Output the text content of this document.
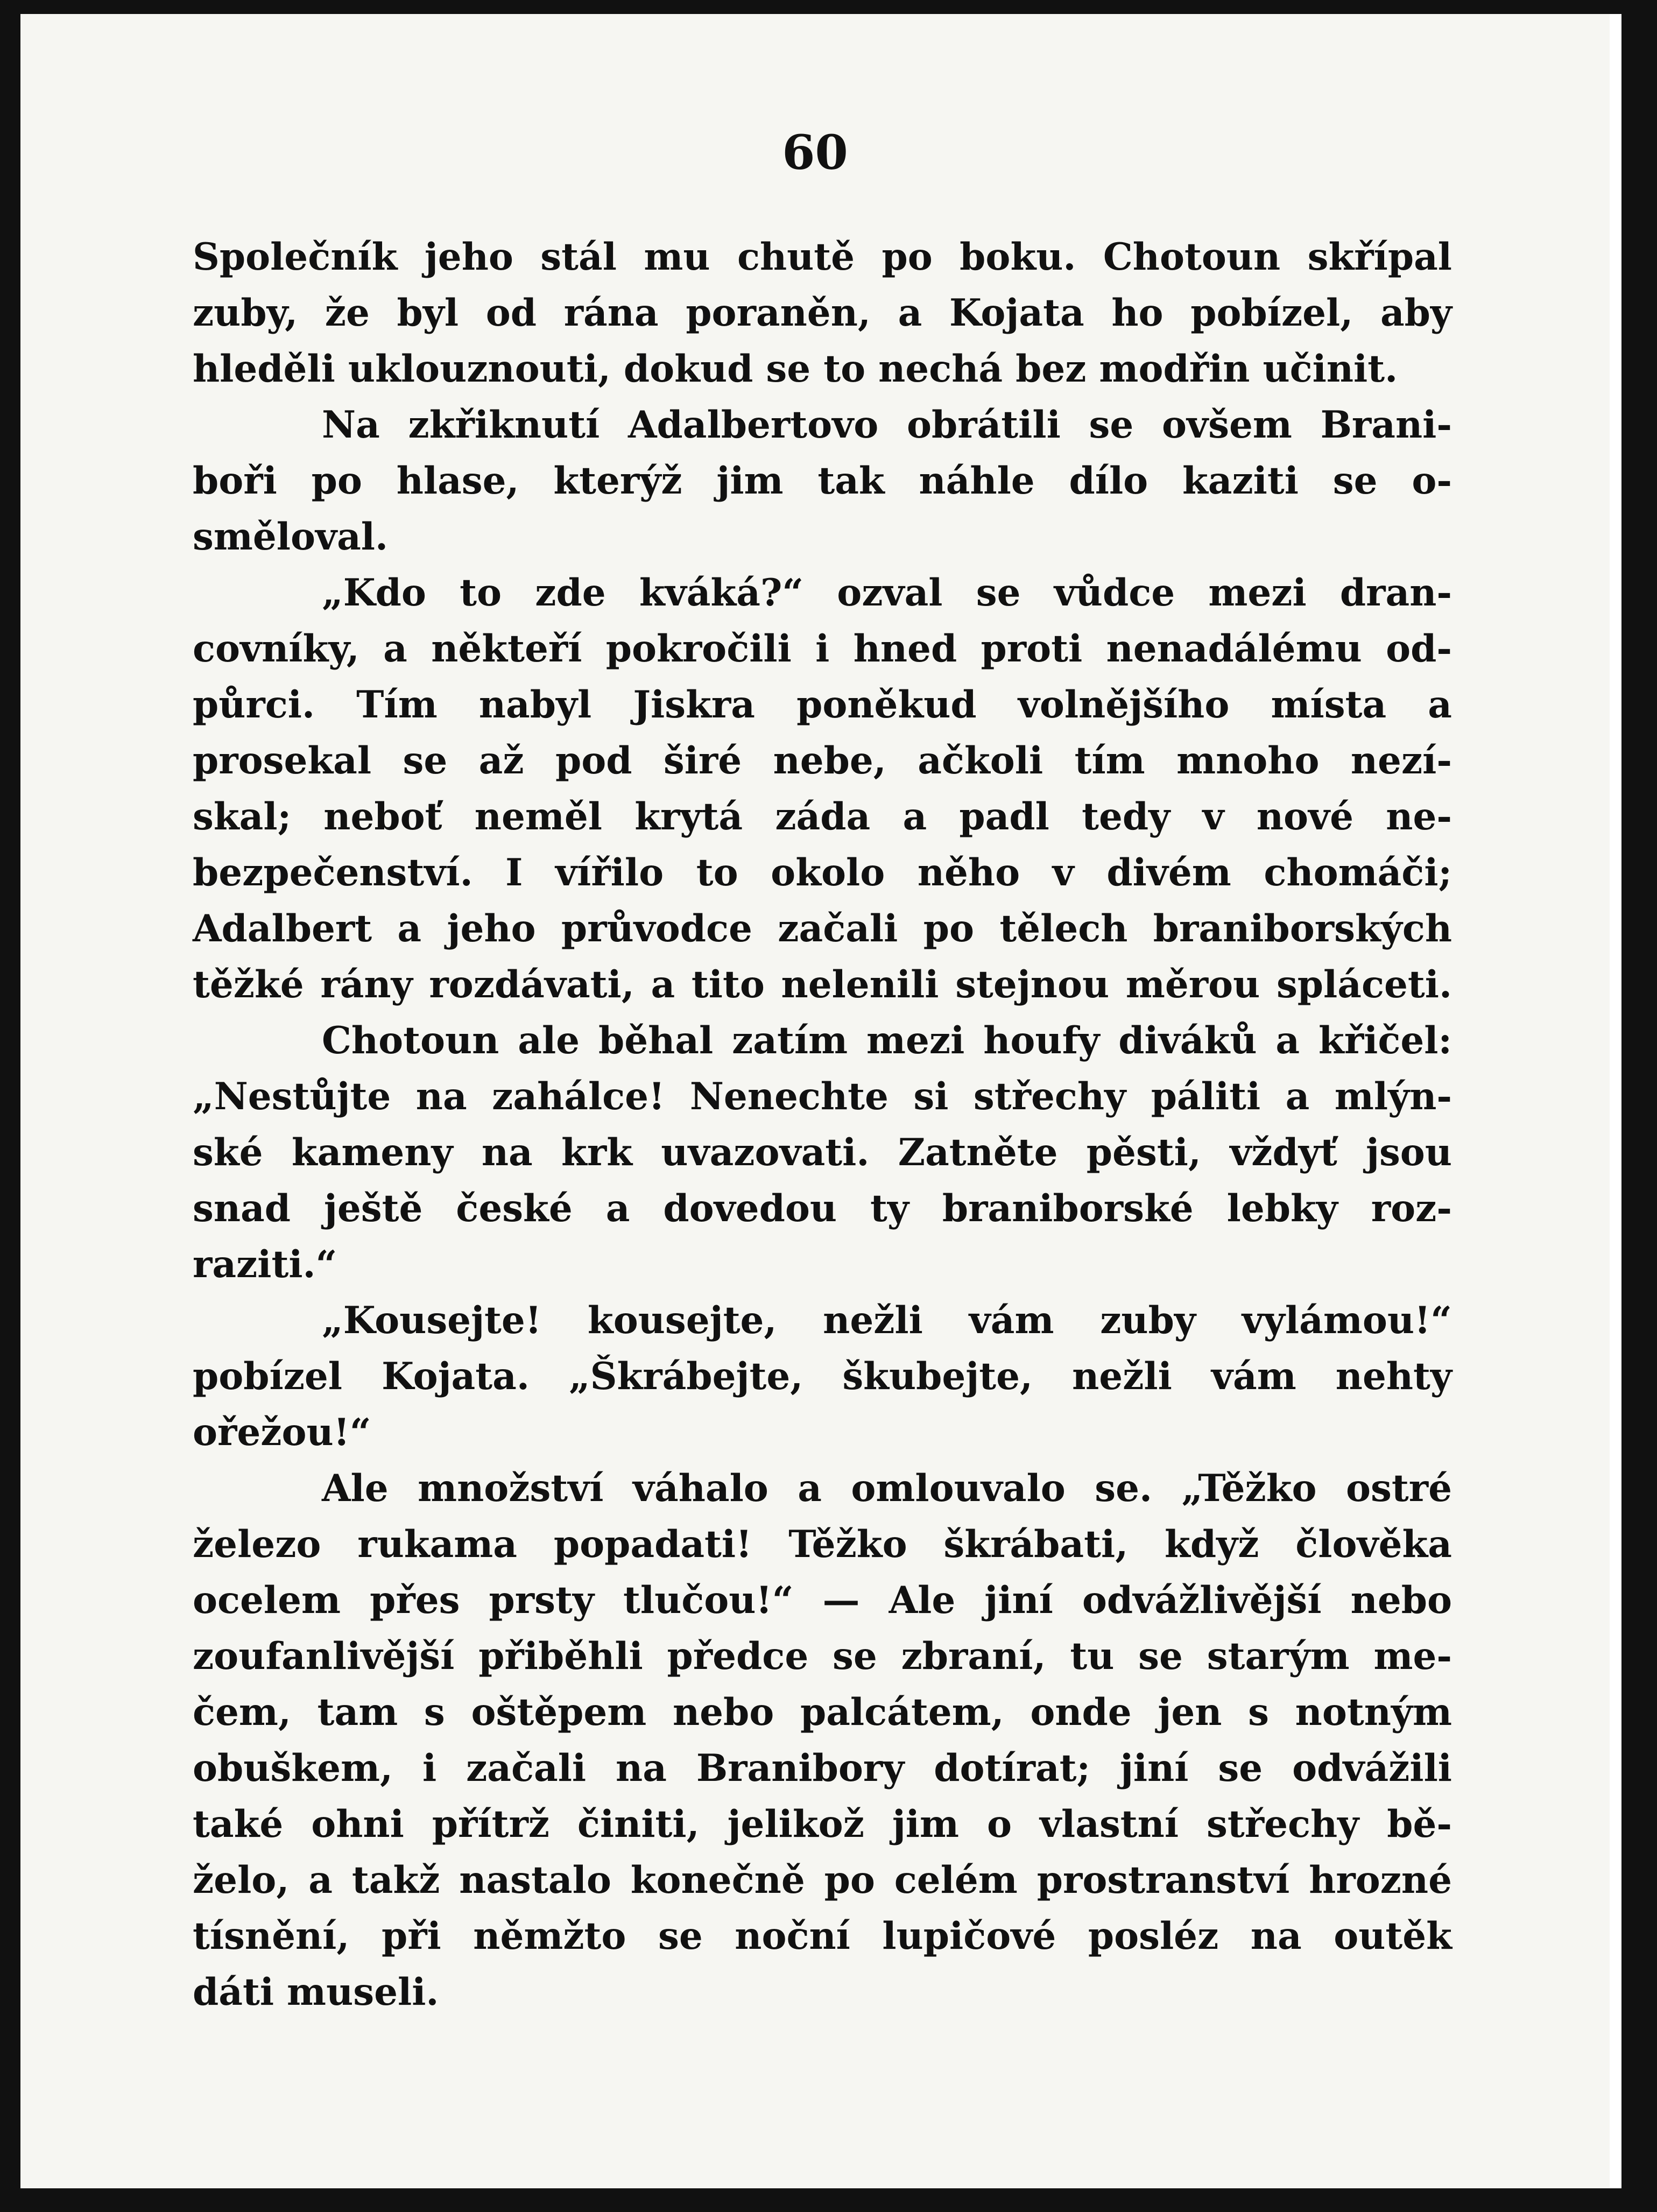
60
Společník jeho stál mu chutě po boku. Chotoun skřípal
zuby, že byl od rána poraněn, a Kojata ho pobízel, aby
hleděli uklouznouti, dokud se to nechá bez modřin učinit.
Na zkřiknutí Adalbertovo obrátili se ovšem Brani-
boři po hlase, kterýž jim tak náhle dílo kaziti se o-
směloval.
„Kdo to zde kváká?“ ozval se vůdce mezi dran-
covníky, a někteří pokročili i hned proti nenadálému od-
půrci. Tím nabyl Jiskra poněkud volnějšího místa a
prosekal se až pod širé nebe, ačkoli tím mnoho nezí-
skal; neboť neměl krytá záda a padl tedy v nové ne-
bezpečenství. I vířilo to okolo něho v divém chomáči;
Adalbert a jeho průvodce začali po tělech braniborských
těžké rány rozdávati, a tito nelenili stejnou měrou spláceti.
Chotoun ale běhal zatím mezi houfy diváků a křičel:
„Nestůjte na zahálce! Nenechte si střechy páliti a mlýn-
ské kameny na krk uvazovati. Zatněte pěsti, vždyť jsou
snad ještě české a dovedou ty braniborské lebky roz-
raziti.“
„Kousejte! kousejte, nežli vám zuby vylámou!“
pobízel Kojata. „Škrábejte, škubejte, nežli vám nehty
ořežou!“
Ale množství váhalo a omlouvalo se. „Těžko ostré
železo rukama popadati! Těžko škrábati, když člověka
ocelem přes prsty tlučou!“ — Ale jiní odvážlivější nebo
zoufanlivější přiběhli předce se zbraní, tu se starým me-
čem, tam s oštěpem nebo palcátem, onde jen s notným
obuškem, i začali na Branibory dotírat; jiní se odvážili
také ohni přítrž činiti, jelikož jim o vlastní střechy bě-
želo, a takž nastalo konečně po celém prostranství hrozné
tísnění, při němžto se noční lupičové posléz na outěk
dáti museli.
